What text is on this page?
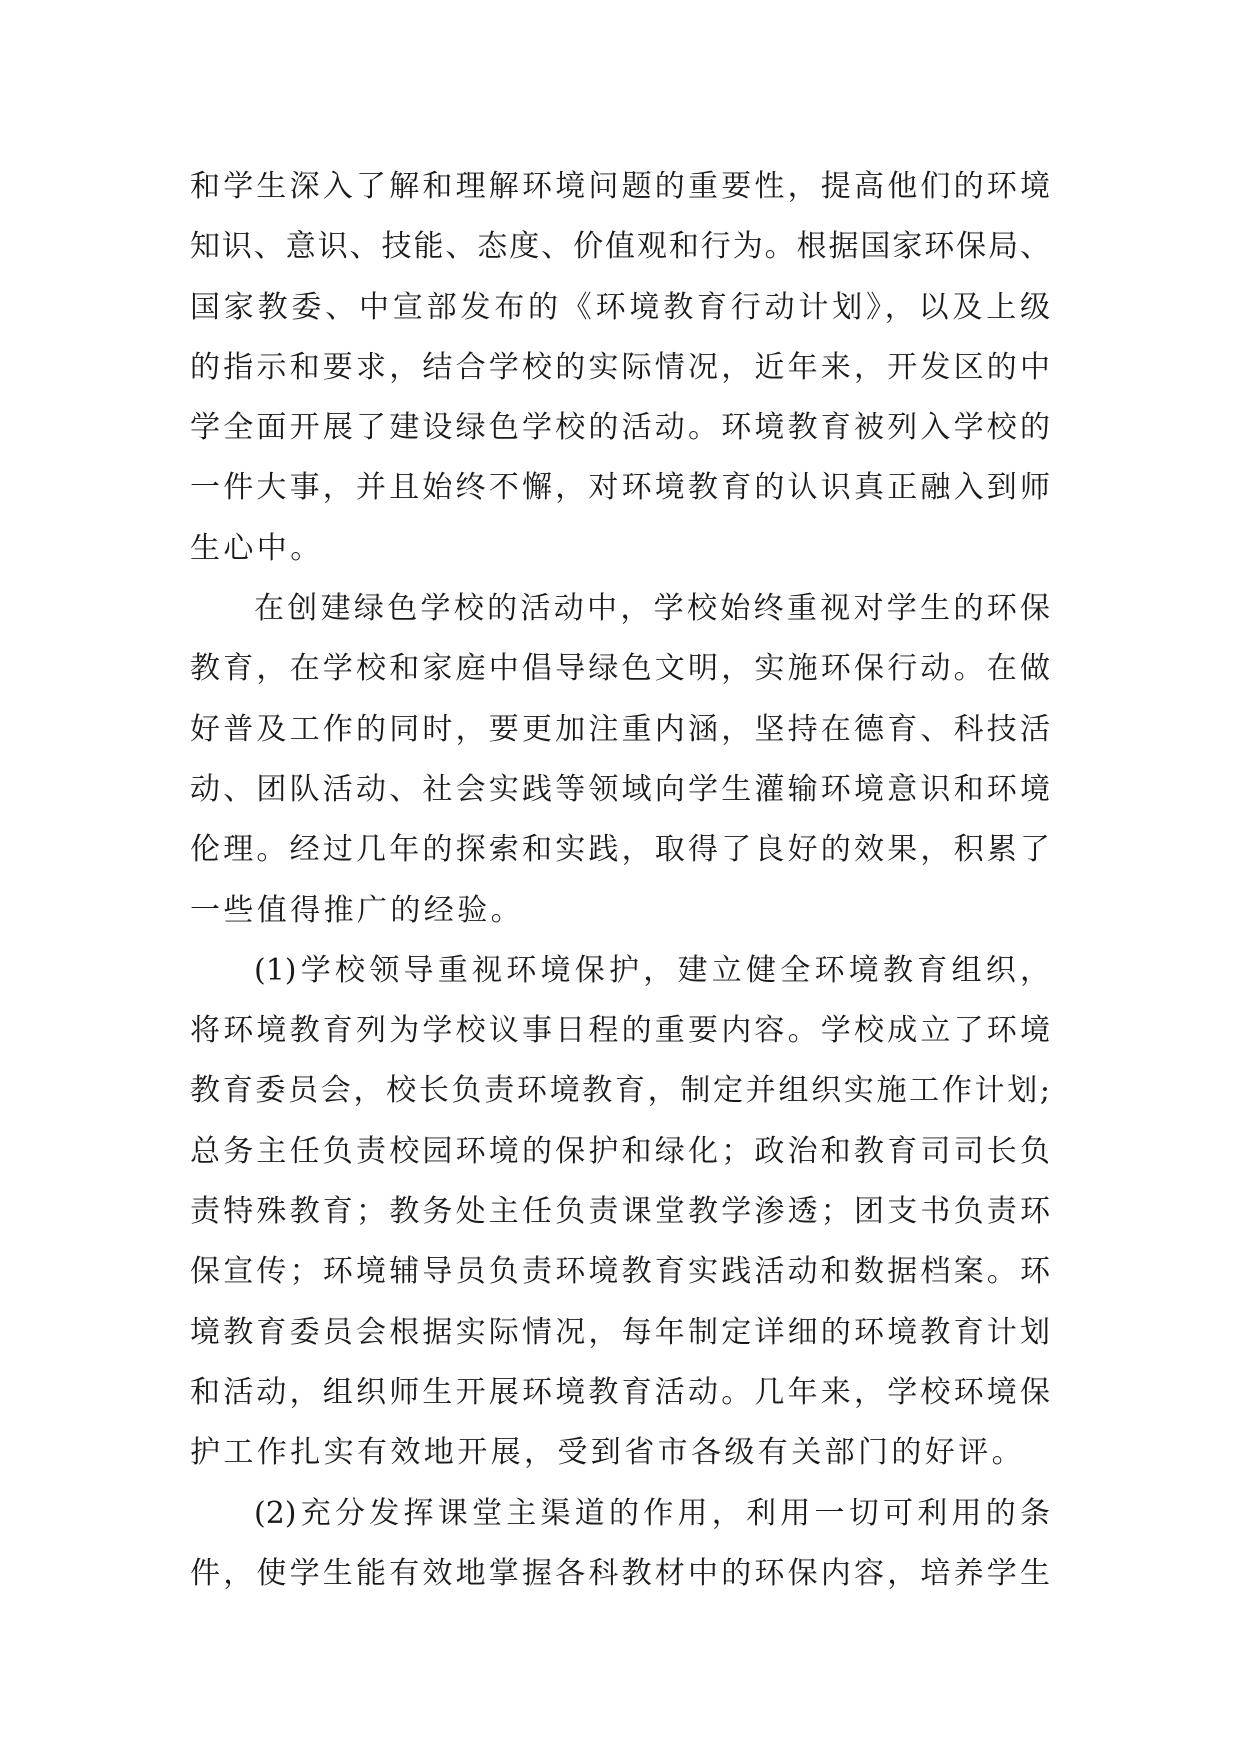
和学生深入了解和理解环境问题的重要性，提高他们的环境
知识、意识、技能、态度、价值观和行为。根据国家环保局、
国家教委、中宣部发布的《环境教育行动计划》，以及上级
的指示和要求，结合学校的实际情况，近年来，开发区的中
学全面开展了建设绿色学校的活动。环境教育被列入学校的
一件大事，并且始终不懈，对环境教育的认识真正融入到师
生心中。
在创建绿色学校的活动中，学校始终重视对学生的环保
教育，在学校和家庭中倡导绿色文明，实施环保行动。在做
好普及工作的同时，要更加注重内涵，坚持在德育、科技活
动、团队活动、社会实践等领域向学生灌输环境意识和环境
伦理。经过几年的探索和实践，取得了良好的效果，积累了
一些值得推广的经验。
(1)学校领导重视环境保护，建立健全环境教育组织，
将环境教育列为学校议事日程的重要内容。学校成立了环境
教育委员会，校长负责环境教育，制定并组织实施工作计划;
总务主任负责校园环境的保护和绿化；政治和教育司司长负
责特殊教育；教务处主任负责课堂教学渗透；团支书负责环
保宣传；环境辅导员负责环境教育实践活动和数据档案。环
境教育委员会根据实际情况，每年制定详细的环境教育计划
和活动，组织师生开展环境教育活动。几年来，学校环境保
护工作扎实有效地开展，受到省市各级有关部门的好评。
(2)充分发挥课堂主渠道的作用，利用一切可利用的条
件，使学生能有效地掌握各科教材中的环保内容，培养学生
